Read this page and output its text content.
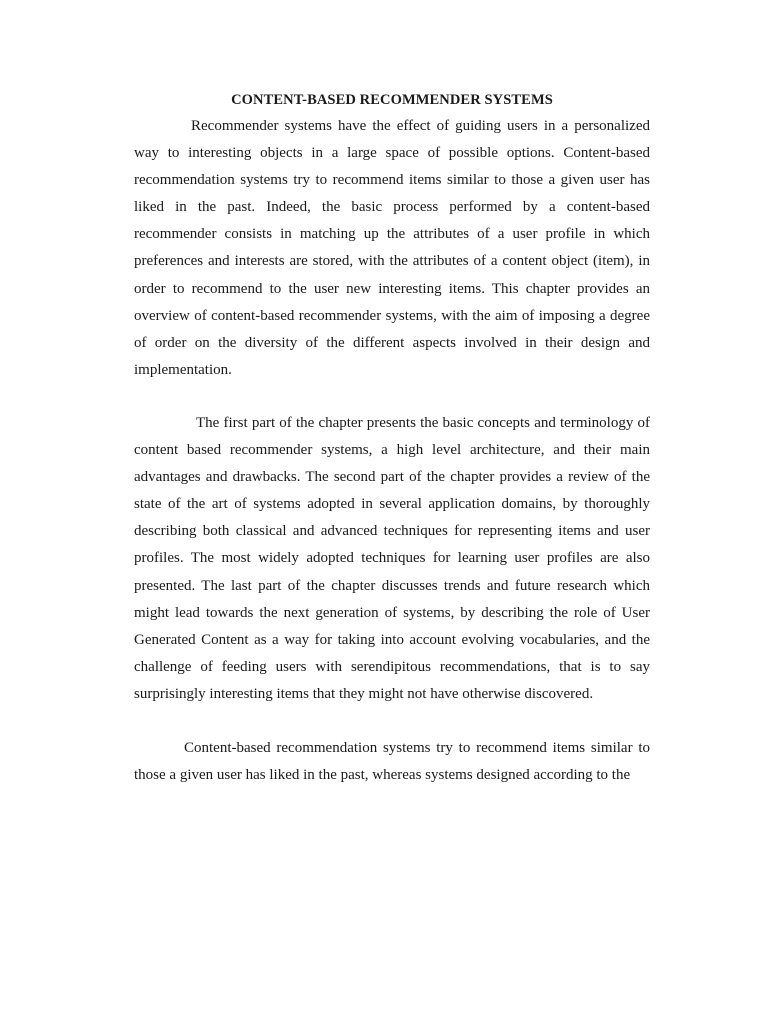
CONTENT-BASED RECOMMENDER SYSTEMS

Recommender systems have the effect of guiding users in a personalized way to interesting objects in a large space of possible options. Content-based recommendation systems try to recommend items similar to those a given user has liked in the past. Indeed, the basic process performed by a content-based recommender consists in matching up the attributes of a user profile in which preferences and interests are stored, with the attributes of a content object (item), in order to recommend to the user new interesting items. This chapter provides an overview of content-based recommender systems, with the aim of imposing a degree of order on the diversity of the different aspects involved in their design and implementation.

The first part of the chapter presents the basic concepts and terminology of content based recommender systems, a high level architecture, and their main advantages and drawbacks. The second part of the chapter provides a review of the state of the art of systems adopted in several application domains, by thoroughly describing both classical and advanced techniques for representing items and user profiles. The most widely adopted techniques for learning user profiles are also presented. The last part of the chapter discusses trends and future research which might lead towards the next generation of systems, by describing the role of User Generated Content as a way for taking into account evolving vocabularies, and the challenge of feeding users with serendipitous recommendations, that is to say surprisingly interesting items that they might not have otherwise discovered.

Content-based recommendation systems try to recommend items similar to those a given user has liked in the past, whereas systems designed according to the
